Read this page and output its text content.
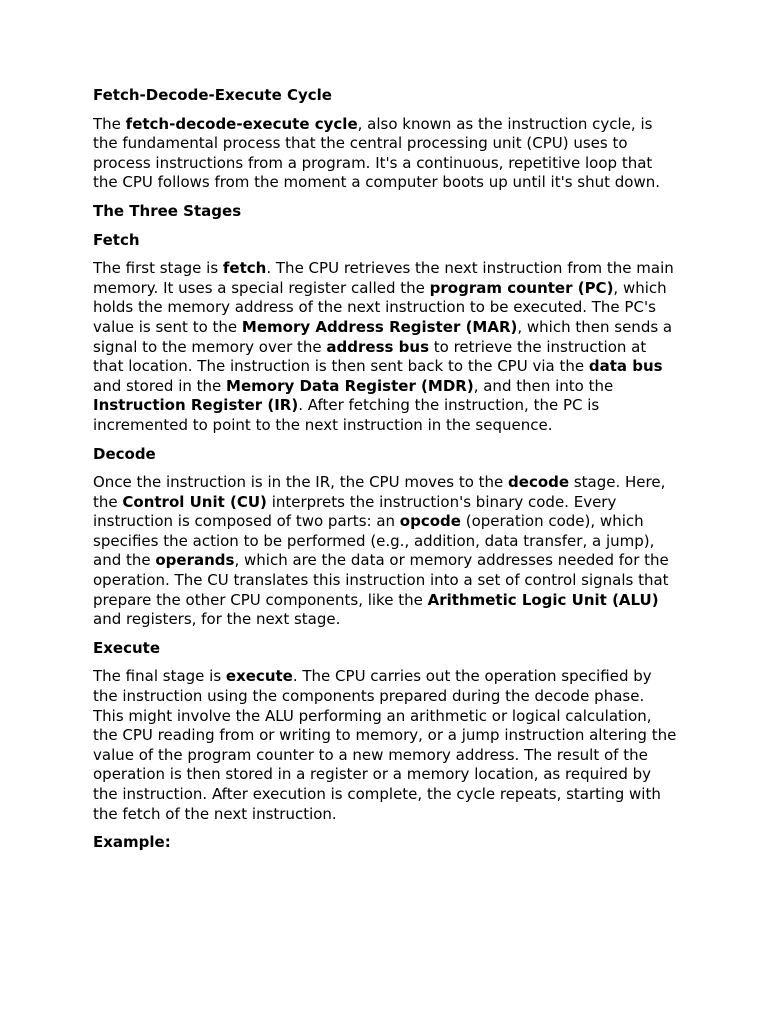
Fetch-Decode-Execute Cycle
The fetch-decode-execute cycle, also known as the instruction cycle, is the fundamental process that the central processing unit (CPU) uses to process instructions from a program. It's a continuous, repetitive loop that the CPU follows from the moment a computer boots up until it's shut down.
The Three Stages
Fetch
The first stage is fetch. The CPU retrieves the next instruction from the main memory. It uses a special register called the program counter (PC), which holds the memory address of the next instruction to be executed. The PC's value is sent to the Memory Address Register (MAR), which then sends a signal to the memory over the address bus to retrieve the instruction at that location. The instruction is then sent back to the CPU via the data bus and stored in the Memory Data Register (MDR), and then into the Instruction Register (IR). After fetching the instruction, the PC is incremented to point to the next instruction in the sequence.
Decode
Once the instruction is in the IR, the CPU moves to the decode stage. Here, the Control Unit (CU) interprets the instruction's binary code. Every instruction is composed of two parts: an opcode (operation code), which specifies the action to be performed (e.g., addition, data transfer, a jump), and the operands, which are the data or memory addresses needed for the operation. The CU translates this instruction into a set of control signals that prepare the other CPU components, like the Arithmetic Logic Unit (ALU) and registers, for the next stage.
Execute
The final stage is execute. The CPU carries out the operation specified by the instruction using the components prepared during the decode phase. This might involve the ALU performing an arithmetic or logical calculation, the CPU reading from or writing to memory, or a jump instruction altering the value of the program counter to a new memory address. The result of the operation is then stored in a register or a memory location, as required by the instruction. After execution is complete, the cycle repeats, starting with the fetch of the next instruction.
Example:
